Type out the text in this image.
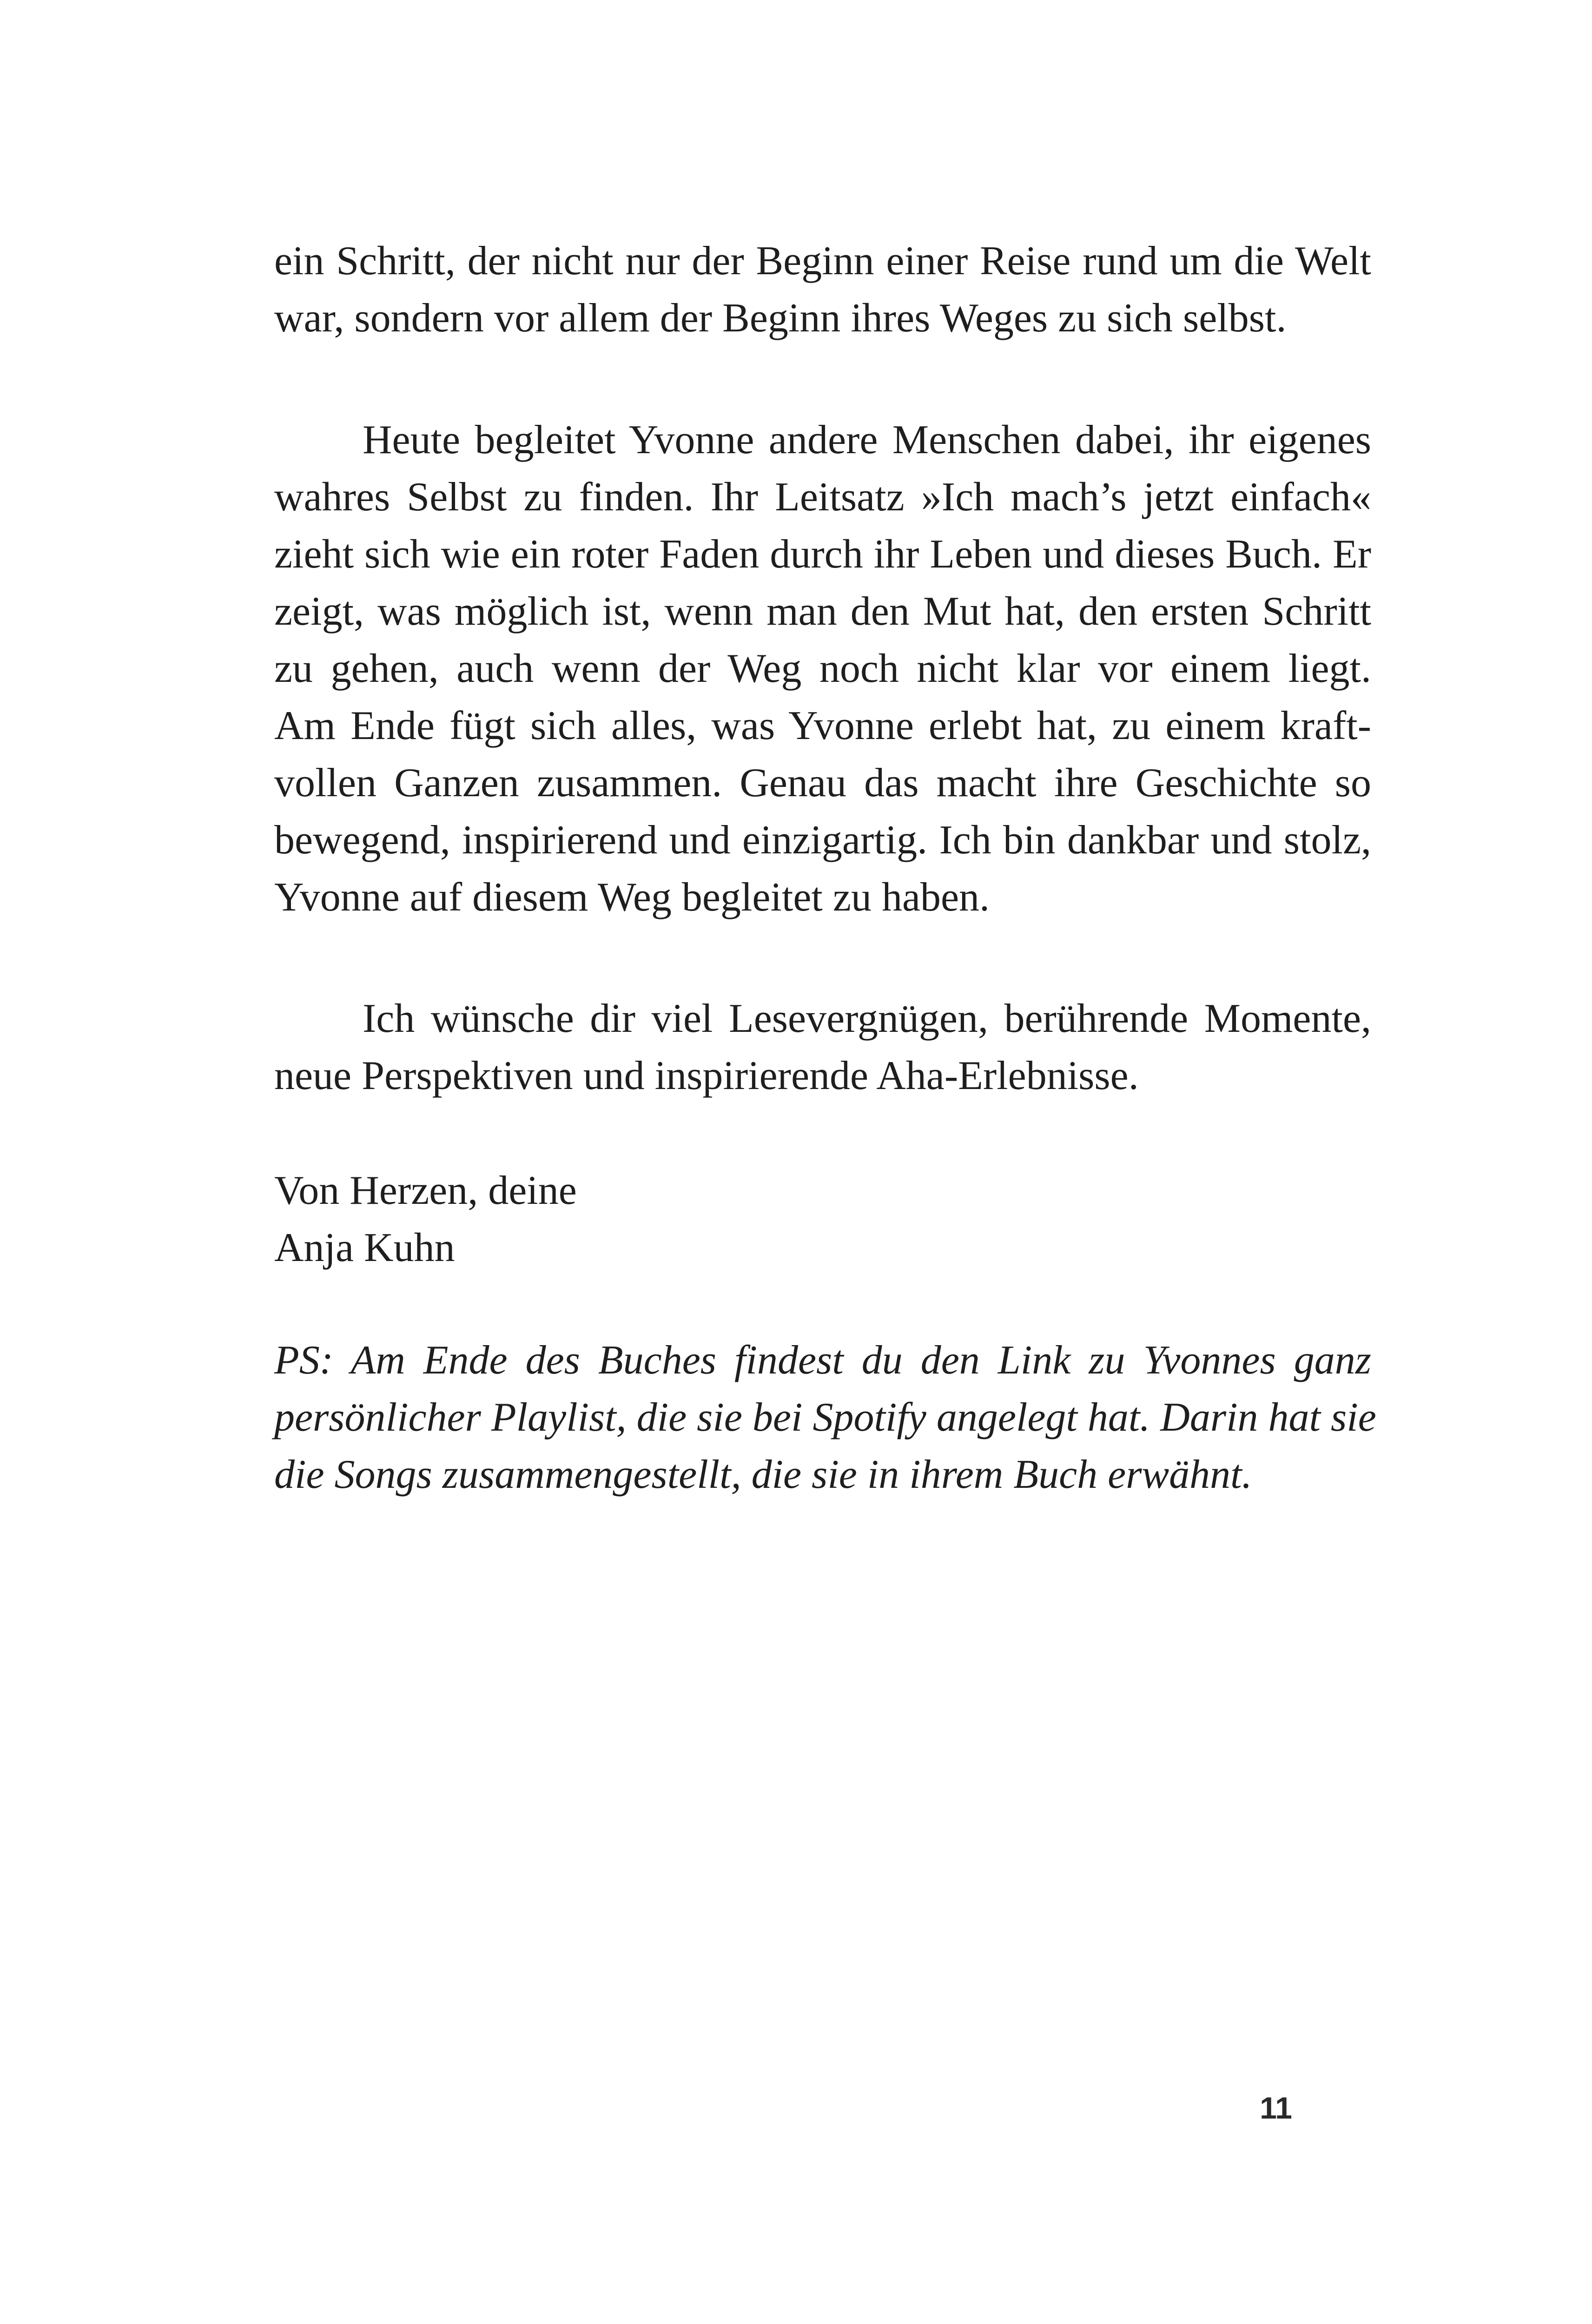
ein Schritt, der nicht nur der Beginn einer Reise rund um die Welt
war, sondern vor allem der Beginn ihres Weges zu sich selbst.
Heute begleitet Yvonne andere Menschen dabei, ihr eigenes
wahres Selbst zu finden. Ihr Leitsatz »Ich mach’s jetzt einfach«
zieht sich wie ein roter Faden durch ihr Leben und dieses Buch. Er
zeigt, was möglich ist, wenn man den Mut hat, den ersten Schritt
zu gehen, auch wenn der Weg noch nicht klar vor einem liegt.
Am Ende fügt sich alles, was Yvonne erlebt hat, zu einem kraft-
vollen Ganzen zusammen. Genau das macht ihre Geschichte so
bewegend, inspirierend und einzigartig. Ich bin dankbar und stolz,
Yvonne auf diesem Weg begleitet zu haben.
Ich wünsche dir viel Lesevergnügen, berührende Momente,
neue Perspektiven und inspirierende Aha-Erlebnisse.
Von Herzen, deine
Anja Kuhn
PS: Am Ende des Buches findest du den Link zu Yvonnes ganz
persönlicher Playlist, die sie bei Spotify angelegt hat. Darin hat sie
die Songs zusammengestellt, die sie in ihrem Buch erwähnt.
11
